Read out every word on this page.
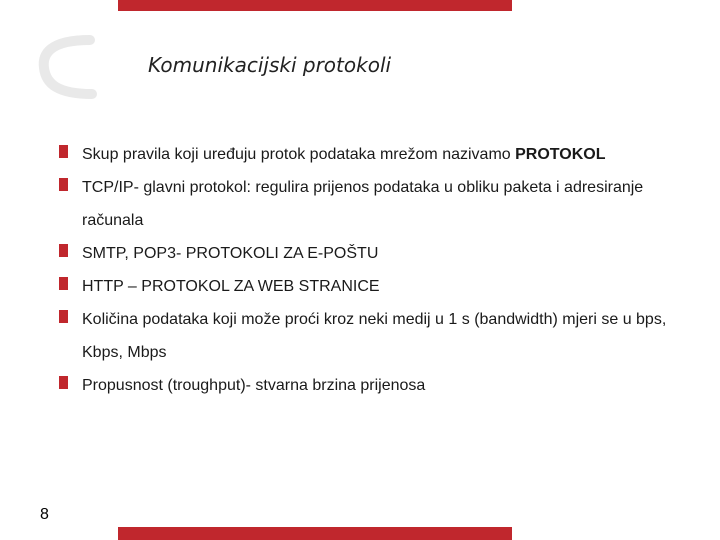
Komunikacijski protokoli
Skup pravila koji uređuju protok podataka mrežom nazivamo PROTOKOL
TCP/IP- glavni protokol: regulira prijenos podataka u obliku paketa i adresiranje računala
SMTP, POP3- PROTOKOLI ZA E-POŠTU
HTTP – PROTOKOL ZA WEB STRANICE
Količina podataka koji može proći kroz neki medij u 1 s (bandwidth) mjeri se u bps, Kbps, Mbps
Propusnost (troughput)- stvarna brzina prijenosa
8
